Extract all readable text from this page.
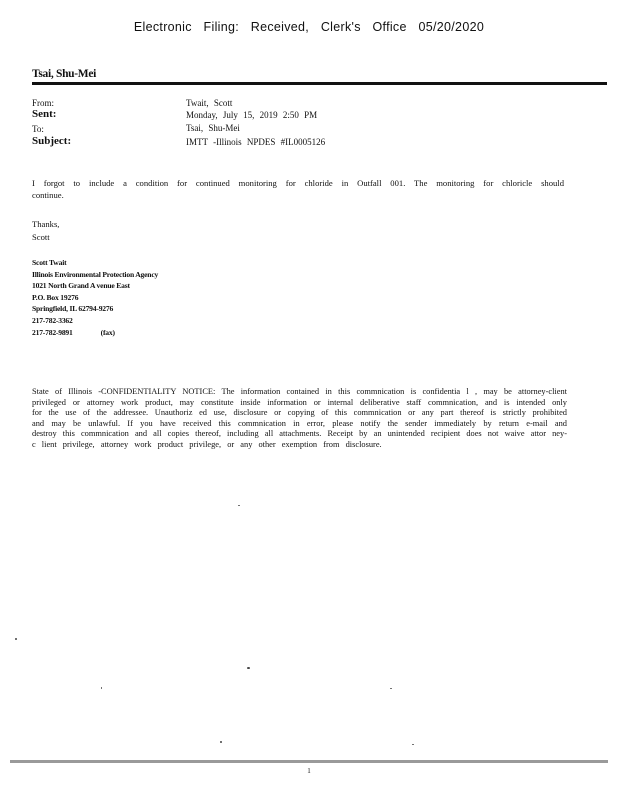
Electronic Filing: Received, Clerk's Office 05/20/2020
Tsai, Shu-Mei
From:	Twait, Scott
Sent:	Monday, July 15, 2019 2:50 PM
To:	Tsai, Shu-Mei
Subject:	IMTT -Illinois NPDES #IL0005126
I forgot to include a condition for continued monitoring for chloride in Outfall 001. The monitoring for chloricle should continue.
Thanks,
Scott
Scott Twait
Illinois Environmental Protection Agency
1021 North Grand A venue East
P.O. Box 19276
Springfield, IL 62794-9276
217-782-3362
217-782-9891	(fax)
State of Illinois -CONFIDENTIALITY NOTICE: The information contained in this commnication is confidentia l , may be attorney-client privileged or attorney work product, may constitute inside information or internal deliberative staff commnication, and is intended only for the use of the addressee. Unauthoriz ed use, disclosure or copying of this commnication or any part thereof is strictly prohibited and may be unlawful. If you have received this commnication in error, please notify the sender immediately by return e-mail and destroy this commnication and all copies thereof, including all attachments. Receipt by an unintended recipient does not waive attor ney-c lient privilege, attorney work product privilege, or any other exemption from disclosure.
1
